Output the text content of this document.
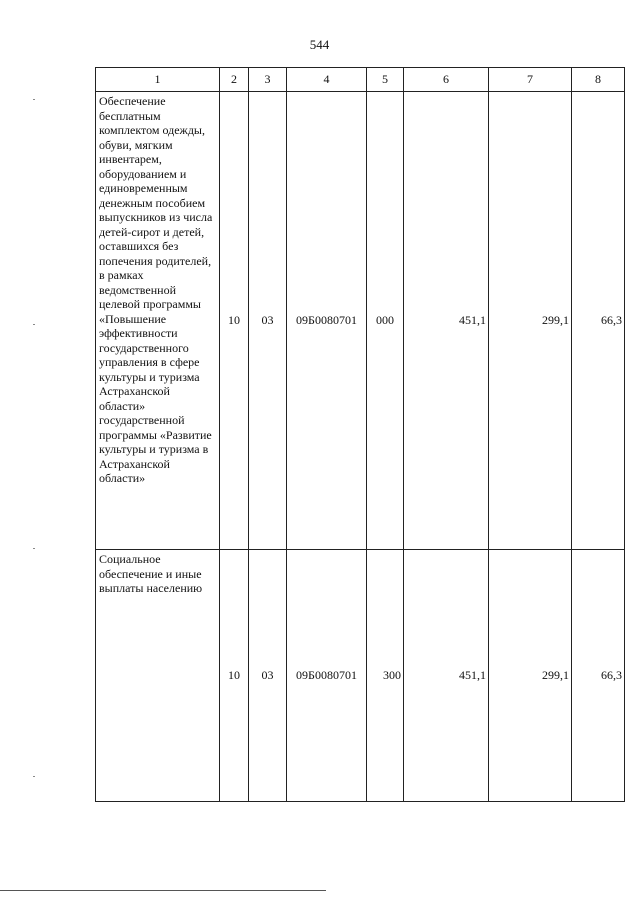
544
1	2	3	4	5	6	7	8
Обеспечение бесплатным комплектом одежды, обуви, мягким инвентарем, оборудованием и единовременным денежным пособием выпускников из числа детей-сирот и детей, оставшихся без попечения родителей, в рамках ведомственной целевой программы «Повышение эффективности государственного управления в сфере культуры и туризма Астраханской области» государственной программы «Развитие культуры и туризма в Астраханской области»	10	03	09Б0080701	000	451,1	299,1	66,3
Социальное обеспечение и иные выплаты населению	10	03	09Б0080701	300	451,1	299,1	66,3
